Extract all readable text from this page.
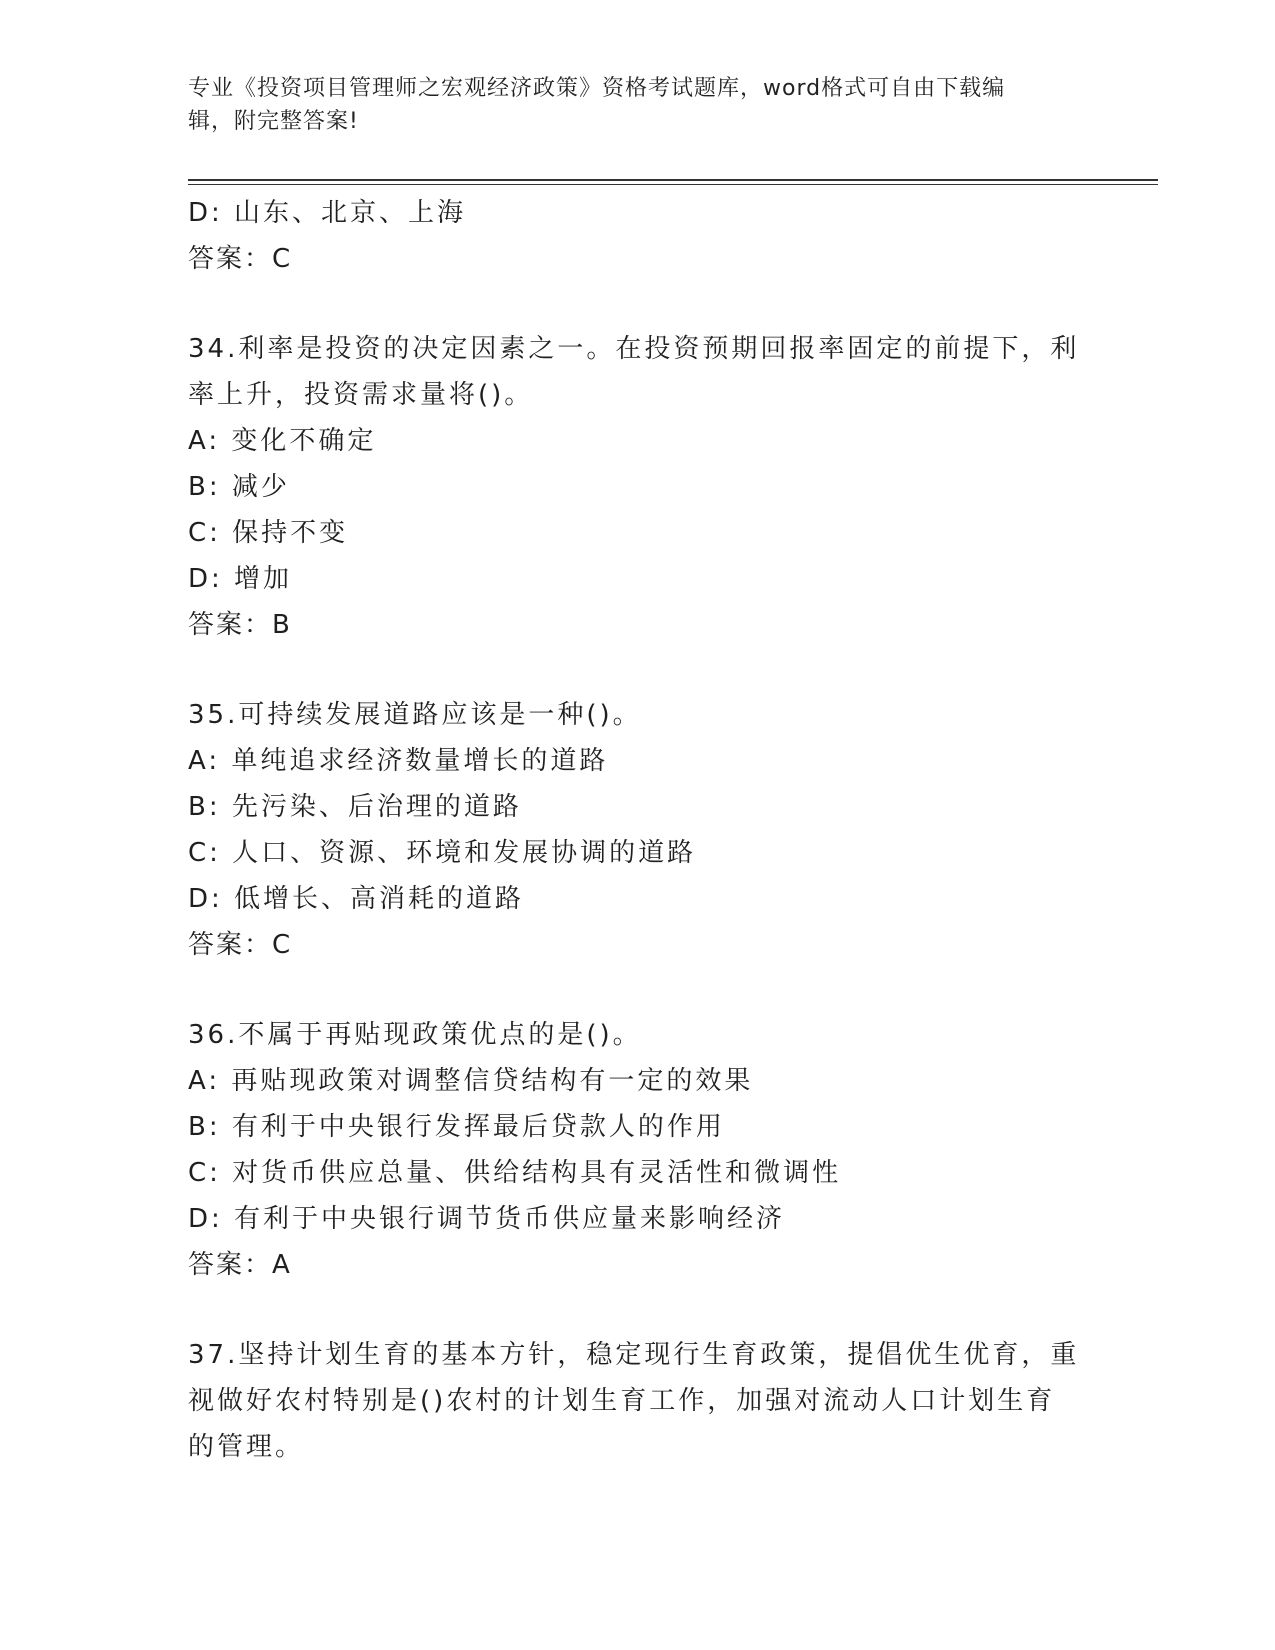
专业《投资项目管理师之宏观经济政策》资格考试题库，word格式可自由下载编
辑，附完整答案!
D: 山东、北京、上海
答案：C
34.利率是投资的决定因素之一。在投资预期回报率固定的前提下，利
率上升，投资需求量将()。
A: 变化不确定
B: 减少
C: 保持不变
D: 增加
答案：B
35.可持续发展道路应该是一种()。
A: 单纯追求经济数量增长的道路
B: 先污染、后治理的道路
C: 人口、资源、环境和发展协调的道路
D: 低增长、高消耗的道路
答案：C
36.不属于再贴现政策优点的是()。
A: 再贴现政策对调整信贷结构有一定的效果
B: 有利于中央银行发挥最后贷款人的作用
C: 对货币供应总量、供给结构具有灵活性和微调性
D: 有利于中央银行调节货币供应量来影响经济
答案：A
37.坚持计划生育的基本方针，稳定现行生育政策，提倡优生优育，重
视做好农村特别是()农村的计划生育工作，加强对流动人口计划生育
的管理。
